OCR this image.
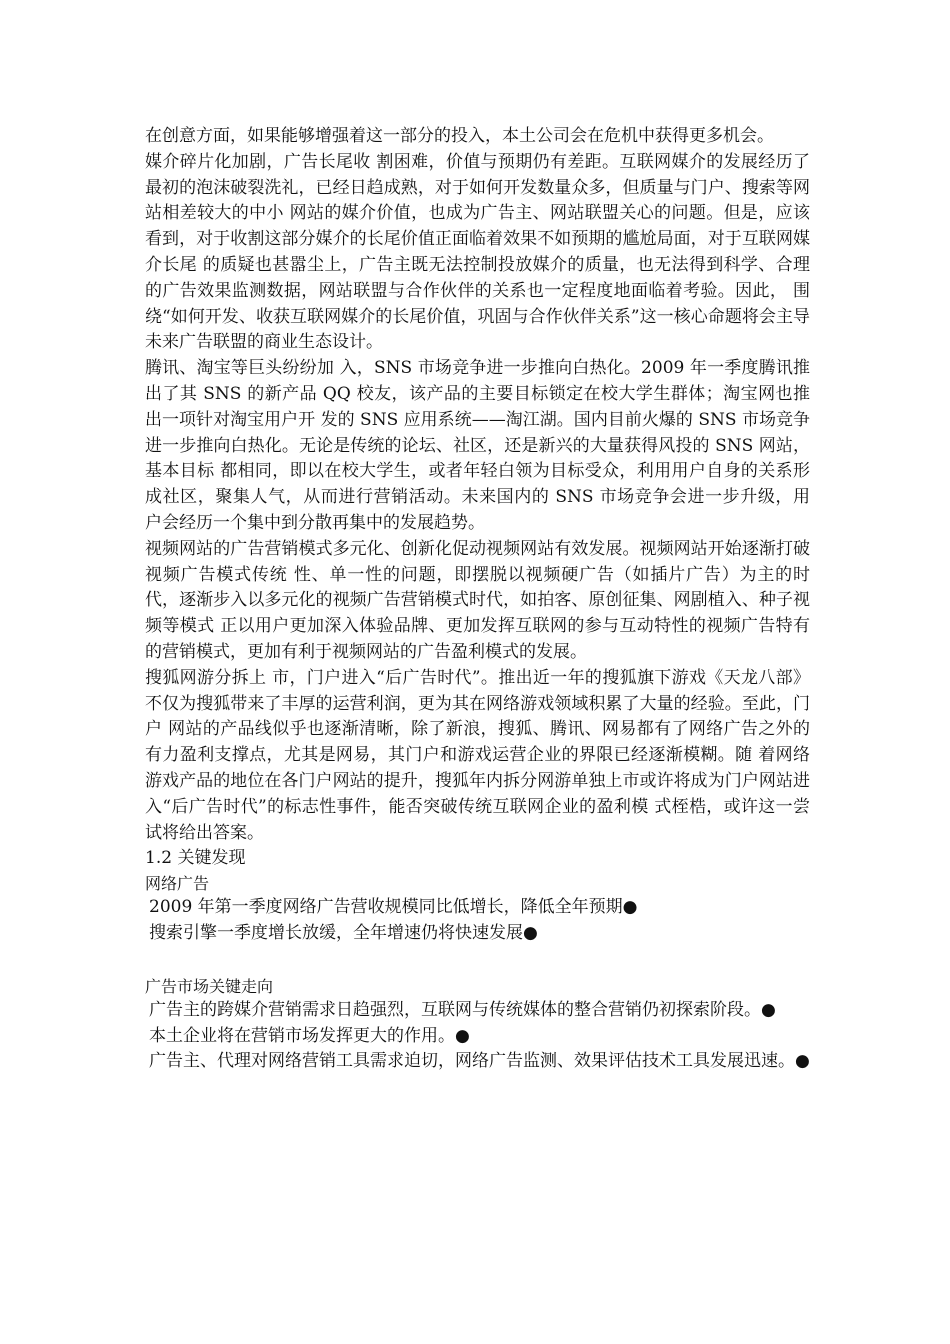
在创意方面，如果能够增强着这一部分的投入，本土公司会在危机中获得更多机会。

媒介碎片化加剧，广告长尾收 割困难，价值与预期仍有差距。互联网媒介的发展经历了最初的泡沫破裂洗礼，已经日趋成熟，对于如何开发数量众多，但质量与门户、搜索等网站相差较大的中小 网站的媒介价值，也成为广告主、网站联盟关心的问题。但是，应该看到，对于收割这部分媒介的长尾价值正面临着效果不如预期的尴尬局面，对于互联网媒介长尾 的质疑也甚嚣尘上，广告主既无法控制投放媒介的质量，也无法得到科学、合理的广告效果监测数据，网站联盟与合作伙伴的关系也一定程度地面临着考验。因此， 围绕“如何开发、收获互联网媒介的长尾价值，巩固与合作伙伴关系”这一核心命题将会主导未来广告联盟的商业生态设计。

腾讯、淘宝等巨头纷纷加 入，SNS 市场竞争进一步推向白热化。2009 年一季度腾讯推出了其 SNS 的新产品 QQ 校友，该产品的主要目标锁定在校大学生群体；淘宝网也推出一项针对淘宝用户开 发的 SNS 应用系统——淘江湖。国内目前火爆的 SNS 市场竞争进一步推向白热化。无论是传统的论坛、社区，还是新兴的大量获得风投的 SNS 网站，基本目标 都相同，即以在校大学生，或者年轻白领为目标受众，利用用户自身的关系形成社区，聚集人气，从而进行营销活动。未来国内的 SNS 市场竞争会进一步升级，用 户会经历一个集中到分散再集中的发展趋势。

视频网站的广告营销模式多元化、创新化促动视频网站有效发展。视频网站开始逐渐打破视频广告模式传统 性、单一性的问题，即摆脱以视频硬广告（如插片广告）为主的时代，逐渐步入以多元化的视频广告营销模式时代，如拍客、原创征集、网剧植入、种子视频等模式 正以用户更加深入体验品牌、更加发挥互联网的参与互动特性的视频广告特有的营销模式，更加有利于视频网站的广告盈利模式的发展。

搜狐网游分拆上 市，门户进入“后广告时代”。推出近一年的搜狐旗下游戏《天龙八部》不仅为搜狐带来了丰厚的运营利润，更为其在网络游戏领域积累了大量的经验。至此，门户 网站的产品线似乎也逐渐清晰，除了新浪，搜狐、腾讯、网易都有了网络广告之外的有力盈利支撑点，尤其是网易，其门户和游戏运营企业的界限已经逐渐模糊。随 着网络游戏产品的地位在各门户网站的提升，搜狐年内拆分网游单独上市或许将成为门户网站进入“后广告时代”的标志性事件，能否突破传统互联网企业的盈利模 式桎梏，或许这一尝试将给出答案。

1.2 关键发现

网络广告

2009 年第一季度网络广告营收规模同比低增长，降低全年预期●

搜索引擎一季度增长放缓，全年增速仍将快速发展●

广告市场关键走向

广告主的跨媒介营销需求日趋强烈，互联网与传统媒体的整合营销仍初探索阶段。●

本土企业将在营销市场发挥更大的作用。●

广告主、代理对网络营销工具需求迫切，网络广告监测、效果评估技术工具发展迅速。●
